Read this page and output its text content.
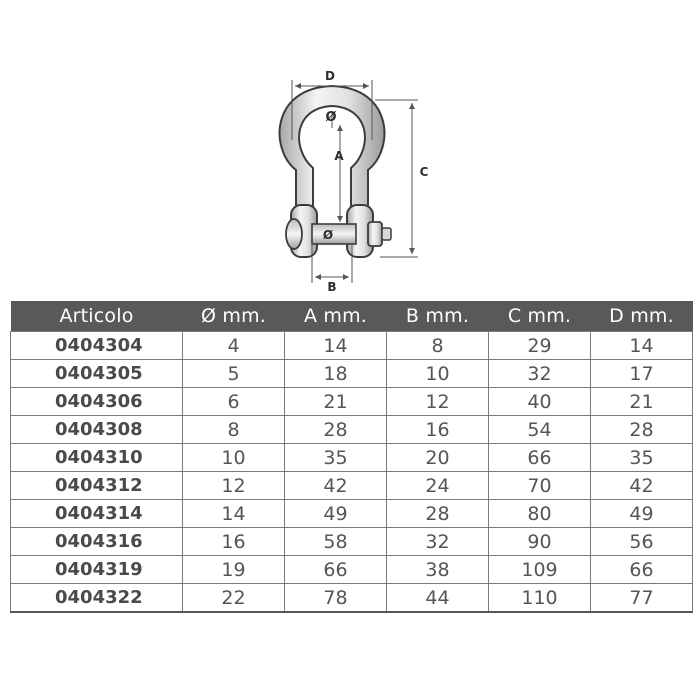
D
A
C
B
Ø
Ø
Articolo	Ø mm.	A mm.	B mm.	C mm.	D mm.
0404304	4	14	8	29	14
0404305	5	18	10	32	17
0404306	6	21	12	40	21
0404308	8	28	16	54	28
0404310	10	35	20	66	35
0404312	12	42	24	70	42
0404314	14	49	28	80	49
0404316	16	58	32	90	56
0404319	19	66	38	109	66
0404322	22	78	44	110	77
